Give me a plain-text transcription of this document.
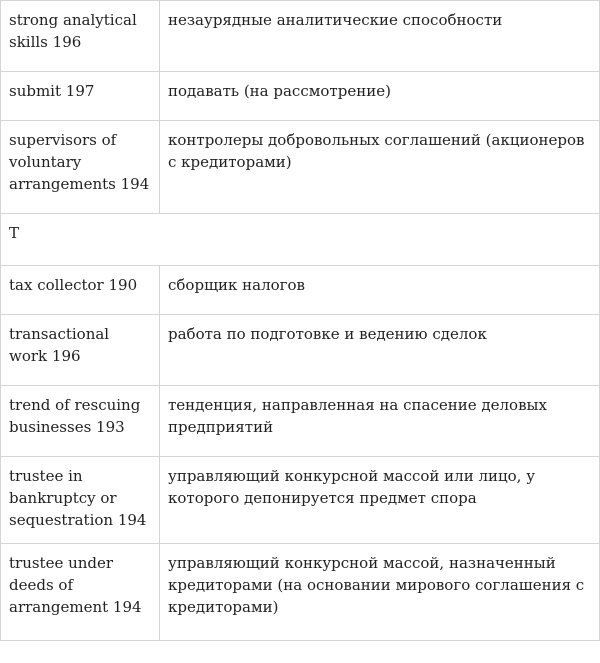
strong analytical skills 196	незаурядные аналитические способности
submit 197	подавать (на рассмотрение)
supervisors of voluntary arrangements 194	контролеры добровольных соглашений (акционеров с кредиторами)
T	
tax collector 190	сборщик налогов
transactional work 196	работа по подготовке и ведению сделок
trend of rescuing businesses 193	тенденция, направленная на спасение деловых предприятий
trustee in bankruptcy or sequestration 194	управляющий конкурсной массой или лицо, у которого депонируется предмет спора
trustee under deeds of arrangement 194	управляющий конкурсной массой, назначенный кредиторами (на основании мирового соглашения с кредиторами)
